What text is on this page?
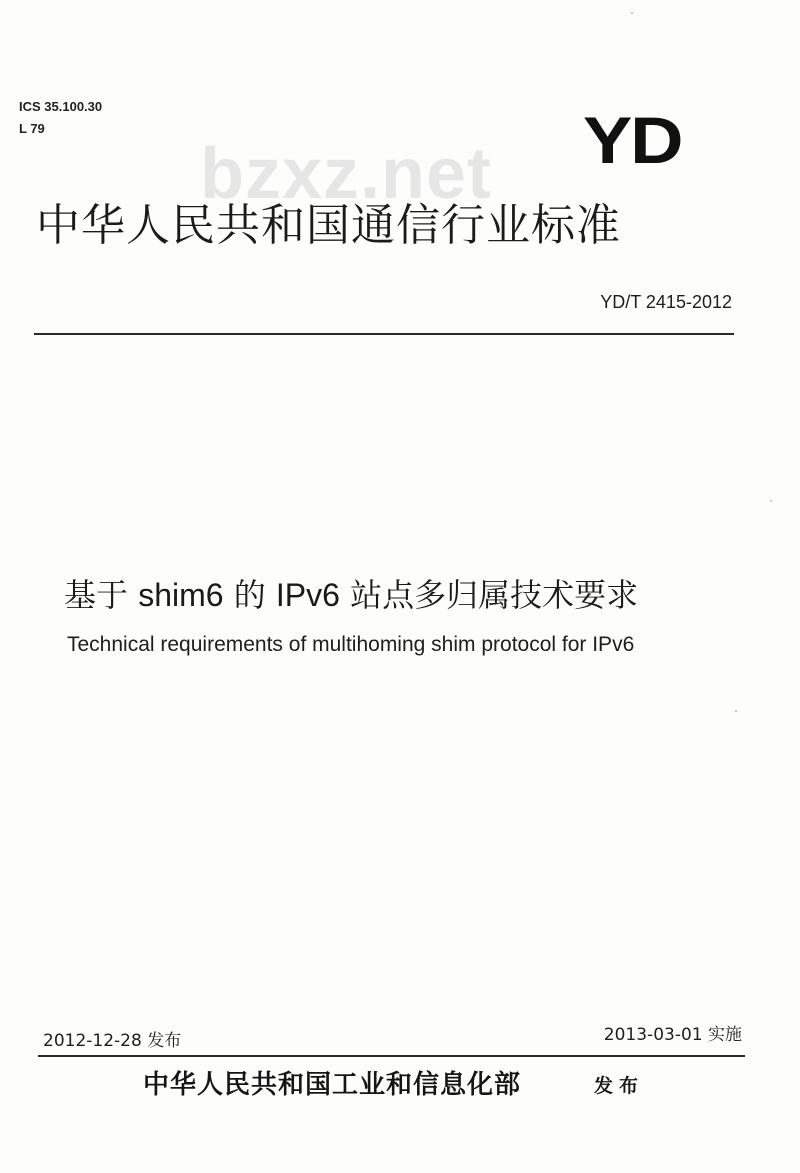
ICS 35.100.30
L 79
bzxz.net YD
中华人民共和国通信行业标准
YD/T 2415-2012
基于 shim6 的 IPv6 站点多归属技术要求
Technical requirements of multihoming shim protocol for IPv6
2012-12-28 发布	2013-03-01 实施
中华人民共和国工业和信息化部	发布
